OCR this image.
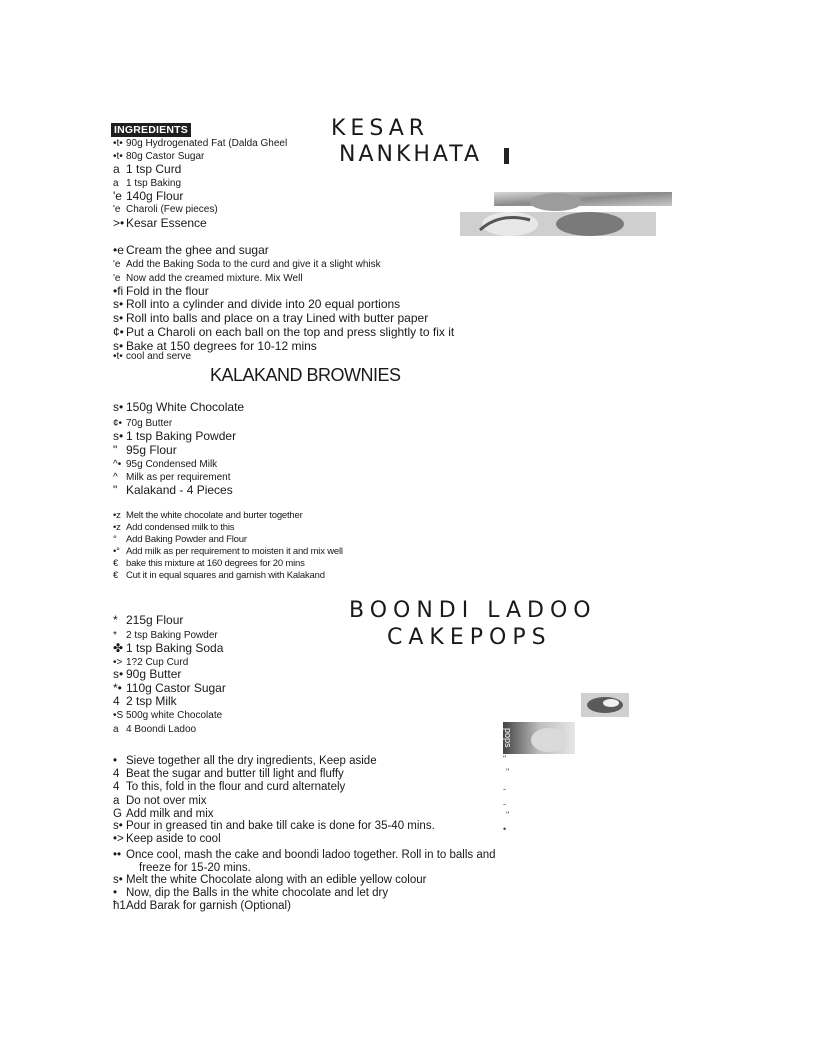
INGREDIENTS	KESAR
NANKHATA
•t• 90g Hydrogenated Fat (Dalda Gheel
•t• 80g Castor Sugar
a 1 tsp Curd
a 1 tsp Baking
'e 140g Flour
'e Charoli (Few pieces)
>• Kesar Essence
•e Cream the ghee and sugar
'e Add the Baking Soda to the curd and give it a slight whisk
'e Now add the creamed mixture. Mix Well
•fi Fold in the flour
s• Roll into a cylinder and divide into 20 equal portions
s• Roll into balls and place on a tray Lined with butter paper
¢• Put a Charoli on each ball on the top and press slightly to fix it
s• Bake at 150 degrees for 10-12 mins
•t• cool and serve
KALAKAND BROWNIES
s• 150g White Chocolate
¢• 70g Butter
s• 1 tsp Baking Powder
" 95g Flour
^• 95g Condensed Milk
^ Milk as per requirement
" Kalakand - 4 Pieces
•z Melt the white chocolate and burter together
•z Add condensed milk to this
° Add Baking Powder and Flour
•° Add milk as per requirement to moisten it and mix well
€ bake this mixture at 160 degrees for 20 mins
€ Cut it in equal squares and garnish with Kalakand
BOONDI LADOO
CAKEPOPS
pops
* 215g Flour
* 2 tsp Baking Powder
✤ 1 tsp Baking Soda
•> 1?2 Cup Curd
s• 90g Butter
*• 110g Castor Sugar
4 2 tsp Milk
•S 500g white Chocolate
a 4 Boondi Ladoo
• Sieve together all the dry ingredients, Keep aside
4 Beat the sugar and butter till light and fluffy
4 To this, fold in the flour and curd alternately
a Do not over mix
G Add milk and mix
s• Pour in greased tin and bake till cake is done for 35-40 mins.
•> Keep aside to cool
•• Once cool, mash the cake and boondi ladoo together. Roll in to balls and
freeze for 15-20 mins.
s• Melt the white Chocolate along with an edible yellow colour
• Now, dip the Balls in the white chocolate and let dry
ћ1Add Barak for garnish (Optional)
"
"
-
-
"
•
